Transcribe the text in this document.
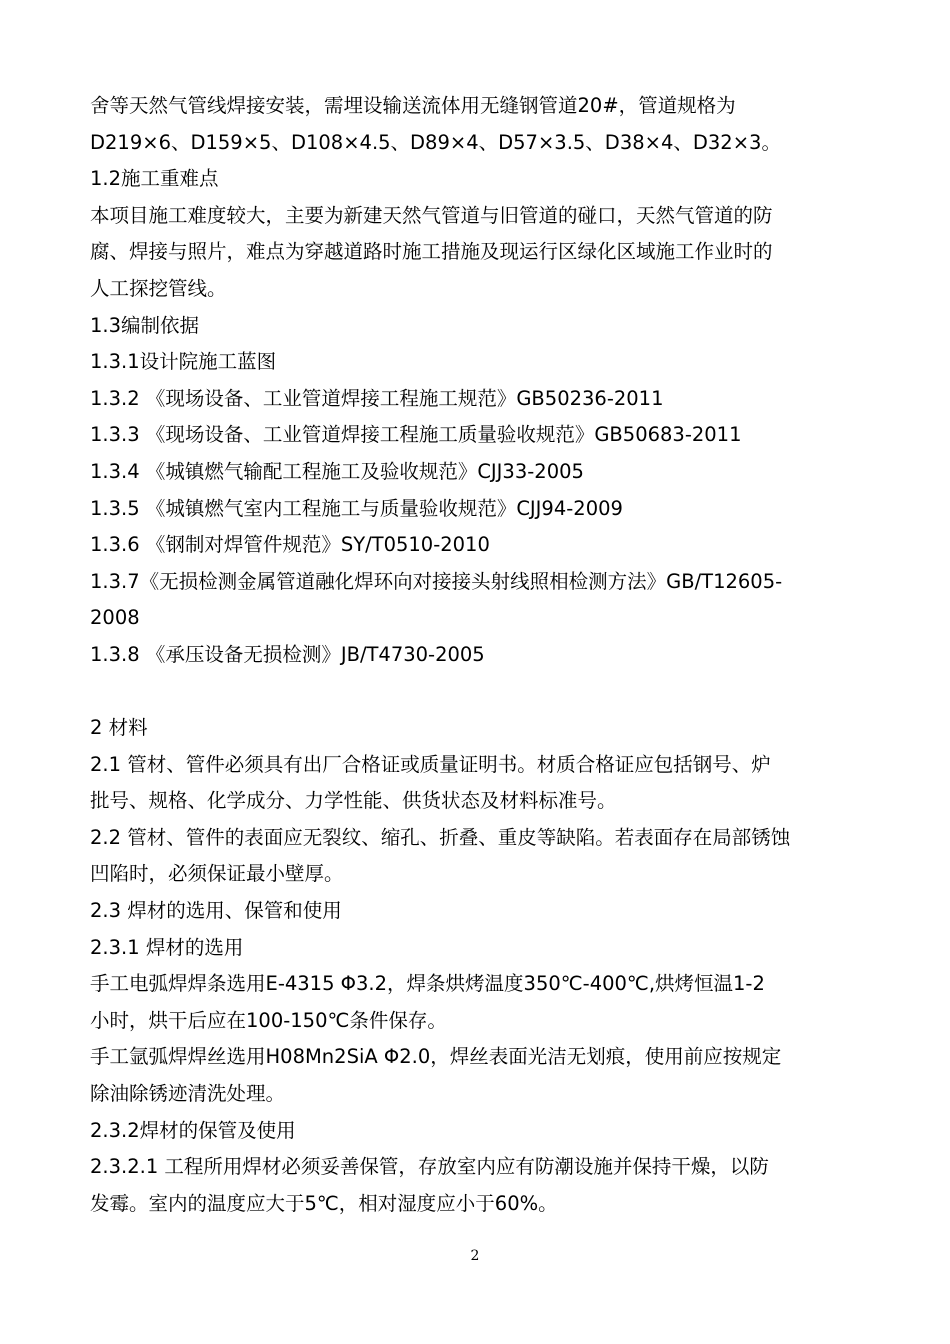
舍等天然气管线焊接安装，需埋设输送流体用无缝钢管道20#，管道规格为
D219×6、D159×5、D108×4.5、D89×4、D57×3.5、D38×4、D32×3。
1.2施工重难点
本项目施工难度较大，主要为新建天然气管道与旧管道的碰口，天然气管道的防
腐、焊接与照片，难点为穿越道路时施工措施及现运行区绿化区域施工作业时的
人工探挖管线。
1.3编制依据
1.3.1设计院施工蓝图
1.3.2 《现场设备、工业管道焊接工程施工规范》GB50236-2011
1.3.3 《现场设备、工业管道焊接工程施工质量验收规范》GB50683-2011
1.3.4 《城镇燃气输配工程施工及验收规范》CJJ33-2005
1.3.5 《城镇燃气室内工程施工与质量验收规范》CJJ94-2009
1.3.6 《钢制对焊管件规范》SY/T0510-2010
1.3.7《无损检测金属管道融化焊环向对接接头射线照相检测方法》GB/T12605-
2008
1.3.8 《承压设备无损检测》JB/T4730-2005
2 材料
2.1 管材、管件必须具有出厂合格证或质量证明书。材质合格证应包括钢号、炉
批号、规格、化学成分、力学性能、供货状态及材料标准号。
2.2 管材、管件的表面应无裂纹、缩孔、折叠、重皮等缺陷。若表面存在局部锈蚀
凹陷时，必须保证最小壁厚。
2.3 焊材的选用、保管和使用
2.3.1 焊材的选用
手工电弧焊焊条选用E-4315 Φ3.2，焊条烘烤温度350℃-400℃,烘烤恒温1-2
小时，烘干后应在100-150℃条件保存。
手工氩弧焊焊丝选用H08Mn2SiA Φ2.0，焊丝表面光洁无划痕，使用前应按规定
除油除锈迹清洗处理。
2.3.2焊材的保管及使用
2.3.2.1 工程所用焊材必须妥善保管，存放室内应有防潮设施并保持干燥，以防
发霉。室内的温度应大于5℃，相对湿度应小于60%。
2
